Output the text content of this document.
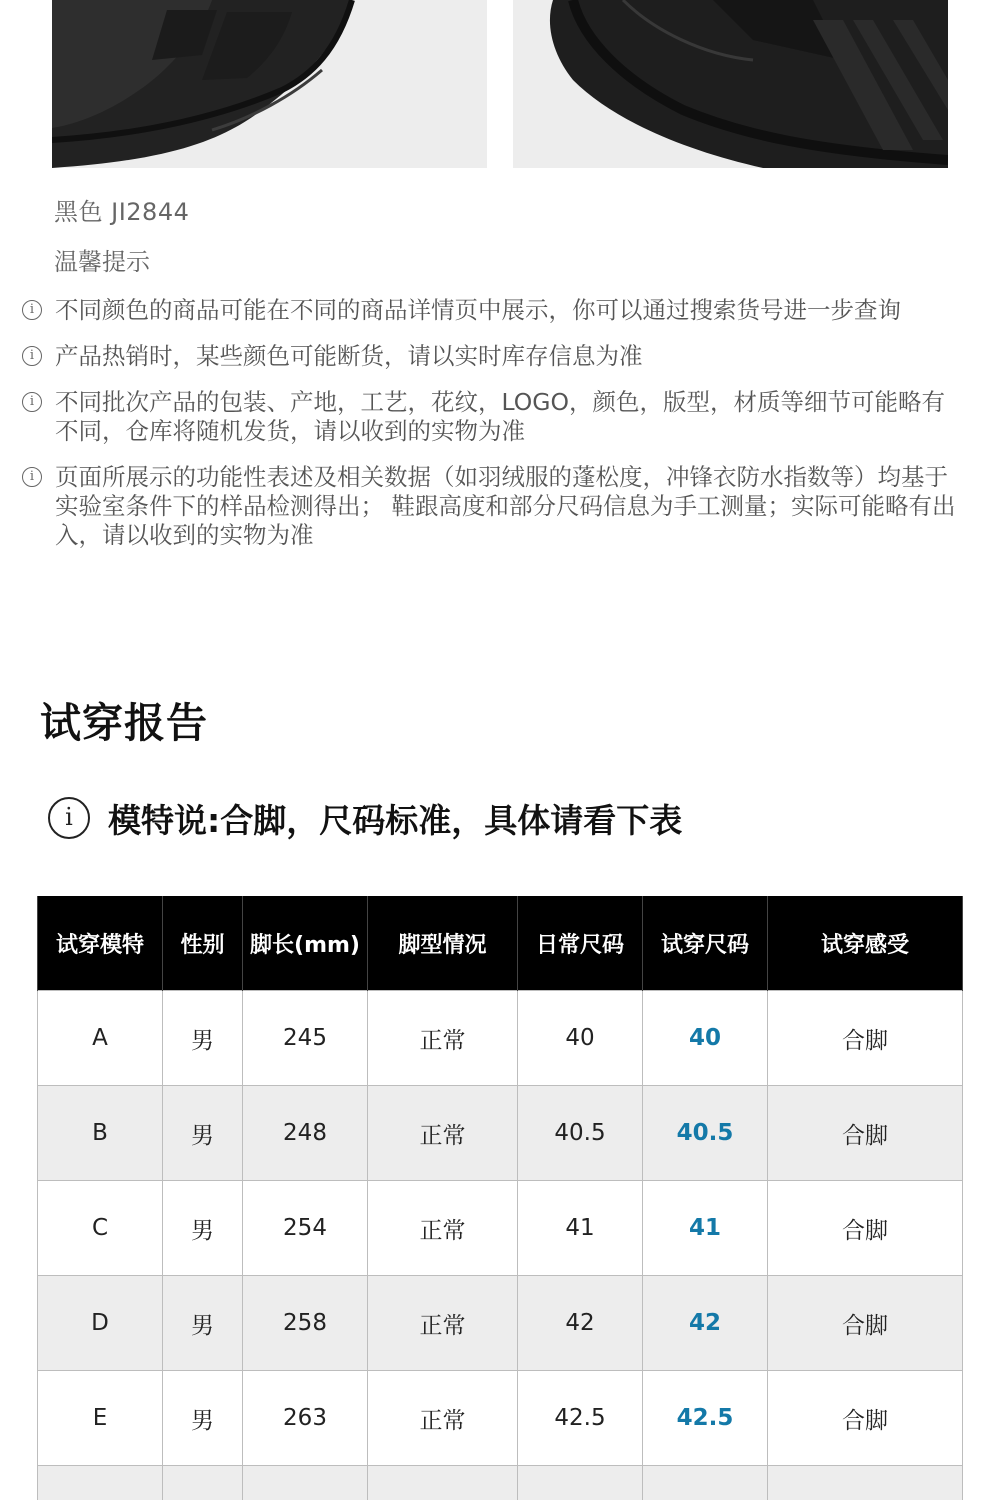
黑色 JI2844
温馨提示
i 不同颜色的商品可能在不同的商品详情页中展示，你可以通过搜索货号进一步查询
i 产品热销时，某些颜色可能断货，请以实时库存信息为准
i 不同批次产品的包装、产地，工艺，花纹，LOGO，颜色，版型，材质等细节可能略有不同，仓库将随机发货，请以收到的实物为准
i 页面所展示的功能性表述及相关数据（如羽绒服的蓬松度，冲锋衣防水指数等）均基于实验室条件下的样品检测得出； 鞋跟高度和部分尺码信息为手工测量；实际可能略有出入，请以收到的实物为准
试穿报告
i	模特说:合脚，尺码标准，具体请看下表
试穿模特	性别	脚长(mm)	脚型情况	日常尺码	试穿尺码	试穿感受
A	男	245	正常	40	40	合脚
B	男	248	正常	40.5	40.5	合脚
C	男	254	正常	41	41	合脚
D	男	258	正常	42	42	合脚
E	男	263	正常	42.5	42.5	合脚
